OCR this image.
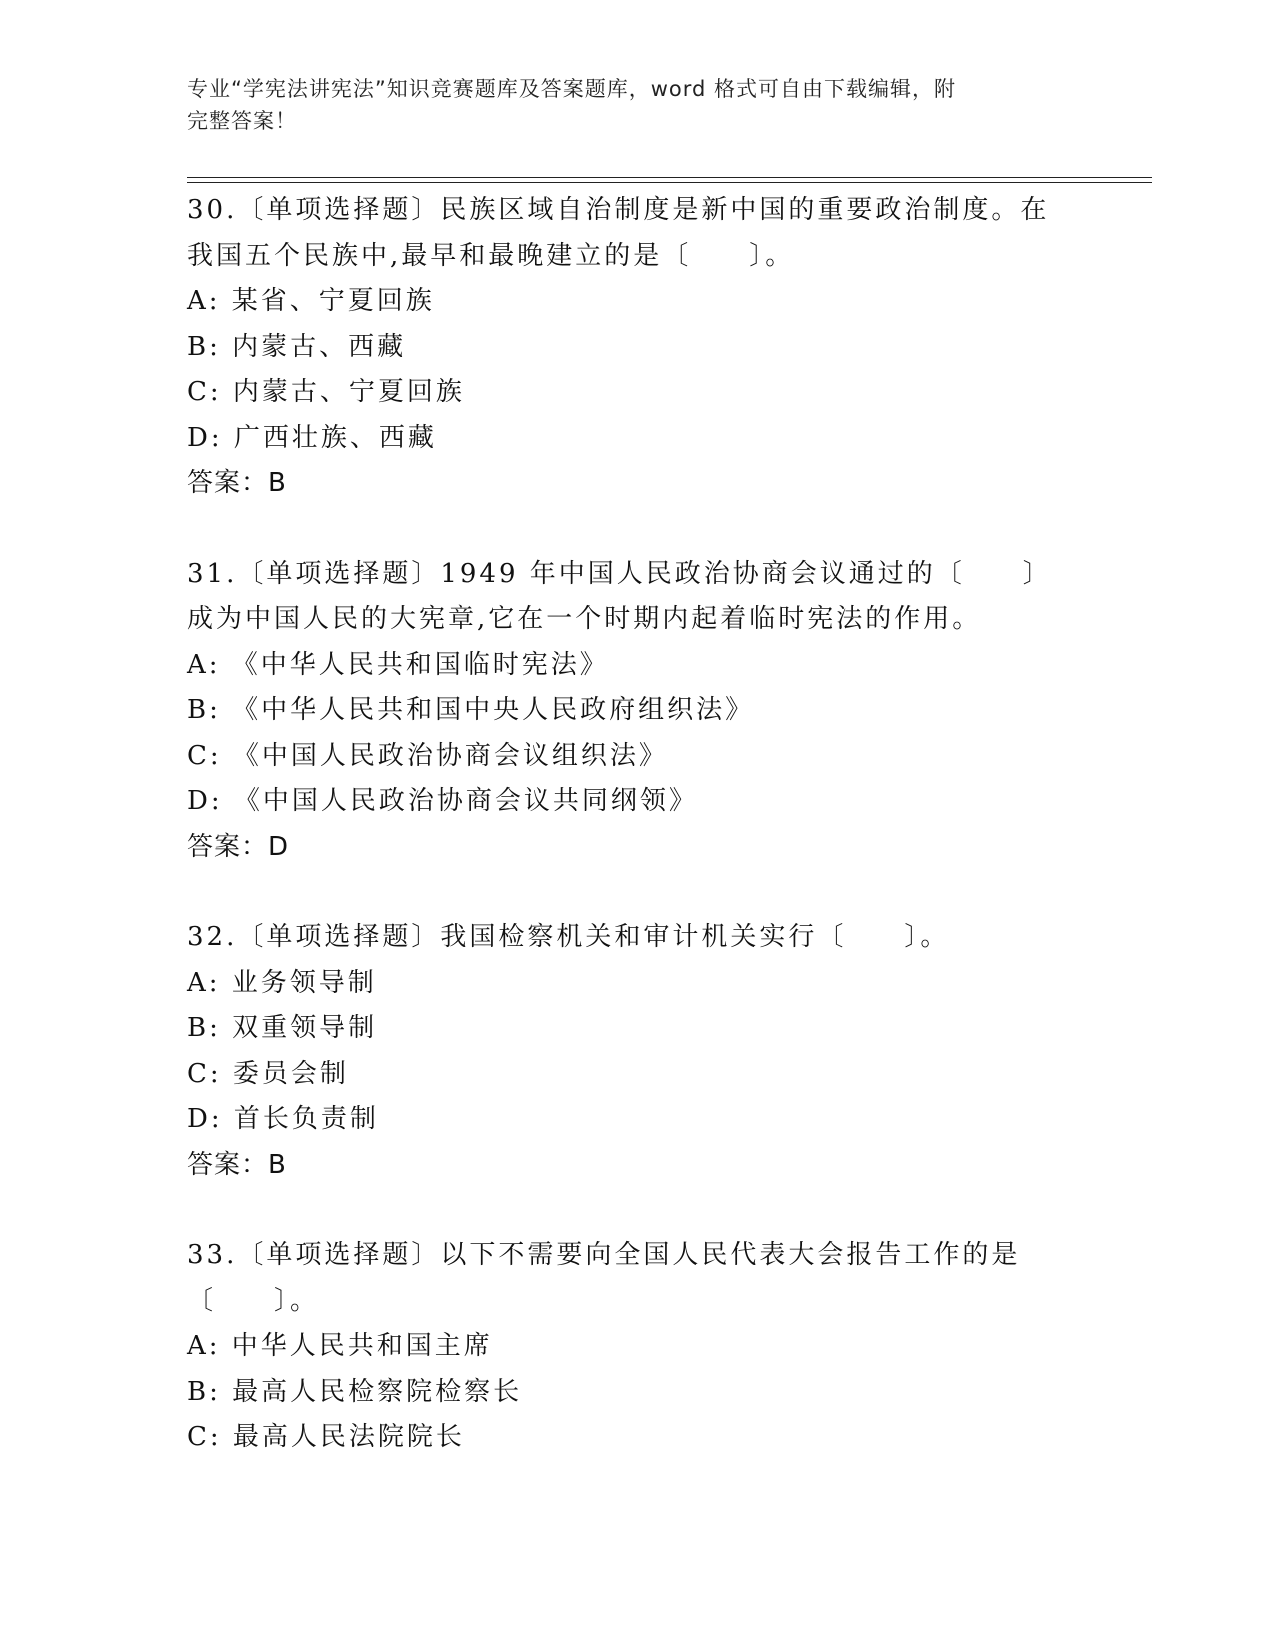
专业“学宪法讲宪法”知识竞赛题库及答案题库，word 格式可自由下载编辑，附
完整答案！

30.〔单项选择题〕民族区域自治制度是新中国的重要政治制度。在我国五个民族中,最早和最晚建立的是〔　　〕。

A: 某省、宁夏回族

B: 内蒙古、西藏

C: 内蒙古、宁夏回族

D: 广西壮族、西藏

答案：B

31.〔单项选择题〕1949 年中国人民政治协商会议通过的〔　　〕成为中国人民的大宪章,它在一个时期内起着临时宪法的作用。

A: 《中华人民共和国临时宪法》

B: 《中华人民共和国中央人民政府组织法》

C: 《中国人民政治协商会议组织法》

D: 《中国人民政治协商会议共同纲领》

答案：D

32.〔单项选择题〕我国检察机关和审计机关实行〔　　〕。

A: 业务领导制

B: 双重领导制

C: 委员会制

D: 首长负责制

答案：B

33.〔单项选择题〕以下不需要向全国人民代表大会报告工作的是〔　　〕。

A: 中华人民共和国主席

B: 最高人民检察院检察长

C: 最高人民法院院长
